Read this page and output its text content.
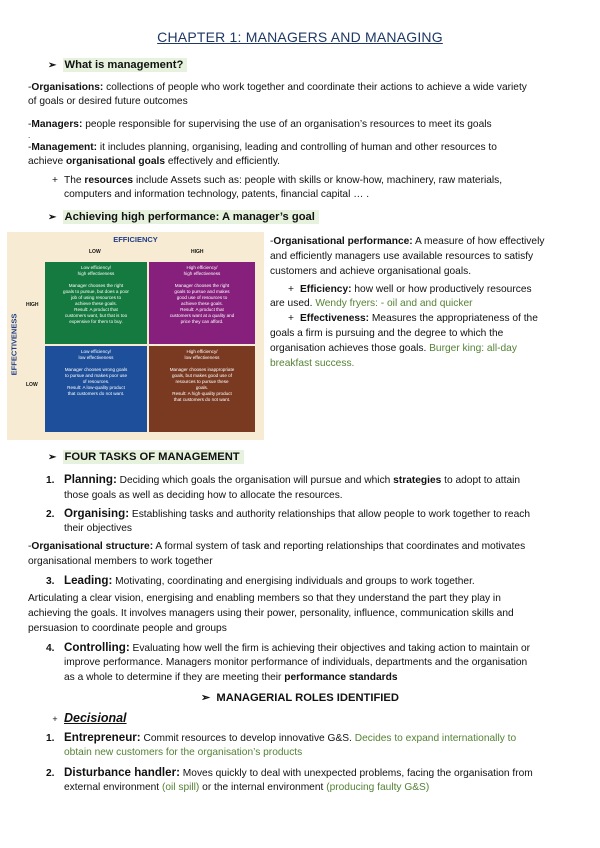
CHAPTER 1: MANAGERS AND MANAGING
➢ What is management?
-Organisations: collections of people who work together and coordinate their actions to achieve a wide variety
of goals or desired future outcomes
-Managers: people responsible for supervising the use of an organisation’s resources to meet its goals
.
-Management: it includes planning, organising, leading and controlling of human and other resources to
achieve organisational goals effectively and efficiently.
+ The resources include Assets such as: people with skills or know-how, machinery, raw materials,
computers and information technology, patents, financial capital … .
➢ Achieving high performance: A manager’s goal
EFFICIENCY
LOW	HIGH
EFFECTIVENESS
HIGH
LOW
Low efficiency/
high effectiveness
Manager chooses the right
goals to pursue, but does a poor
job of using resources to
achieve these goals.
Result: A product that
customers want, but that is too
expensive for them to buy.
High efficiency/
high effectiveness
Manager chooses the right
goals to pursue and makes
good use of resources to
achieve these goals.
Result: A product that
customers want at a quality and
price they can afford.
Low efficiency/
low effectiveness
Manager chooses wrong goals
to pursue and makes poor use
of resources.
Result: A low-quality product
that customers do not want.
High efficiency/
low effectiveness
Manager chooses inappropriate
goals, but makes good use of
resources to pursue these
goals.
Result: A high-quality product
that customers do not want.
-Organisational performance: A measure of how effectively
and efficiently managers use available resources to satisfy
customers and achieve organisational goals.
+ Efficiency: how well or how productively resources
are used. Wendy fryers: - oil and and quicker
+ Effectiveness: Measures the appropriateness of the
goals a firm is pursuing and the degree to which the
organisation achieves those goals. Burger king: all-day
breakfast success.
➢ FOUR TASKS OF MANAGEMENT
1. Planning: Deciding which goals the organisation will pursue and which strategies to adopt to attain
those goals as well as deciding how to allocate the resources.
2. Organising: Establishing tasks and authority relationships that allow people to work together to reach
their objectives
-Organisational structure: A formal system of task and reporting relationships that coordinates and motivates
organisational members to work together
3. Leading: Motivating, coordinating and energising individuals and groups to work together.
Articulating a clear vision, energising and enabling members so that they understand the part they play in
achieving the goals. It involves managers using their power, personality, influence, communication skills and
persuasion to coordinate people and groups
4. Controlling: Evaluating how well the firm is achieving their objectives and taking action to maintain or
improve performance. Managers monitor performance of individuals, departments and the organisation
as a whole to determine if they are meeting their performance standards
➢ MANAGERIAL ROLES IDENTIFIED
+ Decisional
1. Entrepreneur: Commit resources to develop innovative G&S. Decides to expand internationally to
obtain new customers for the organisation’s products
2. Disturbance handler: Moves quickly to deal with unexpected problems, facing the organisation from
external environment (oil spill) or the internal environment (producing faulty G&S)
